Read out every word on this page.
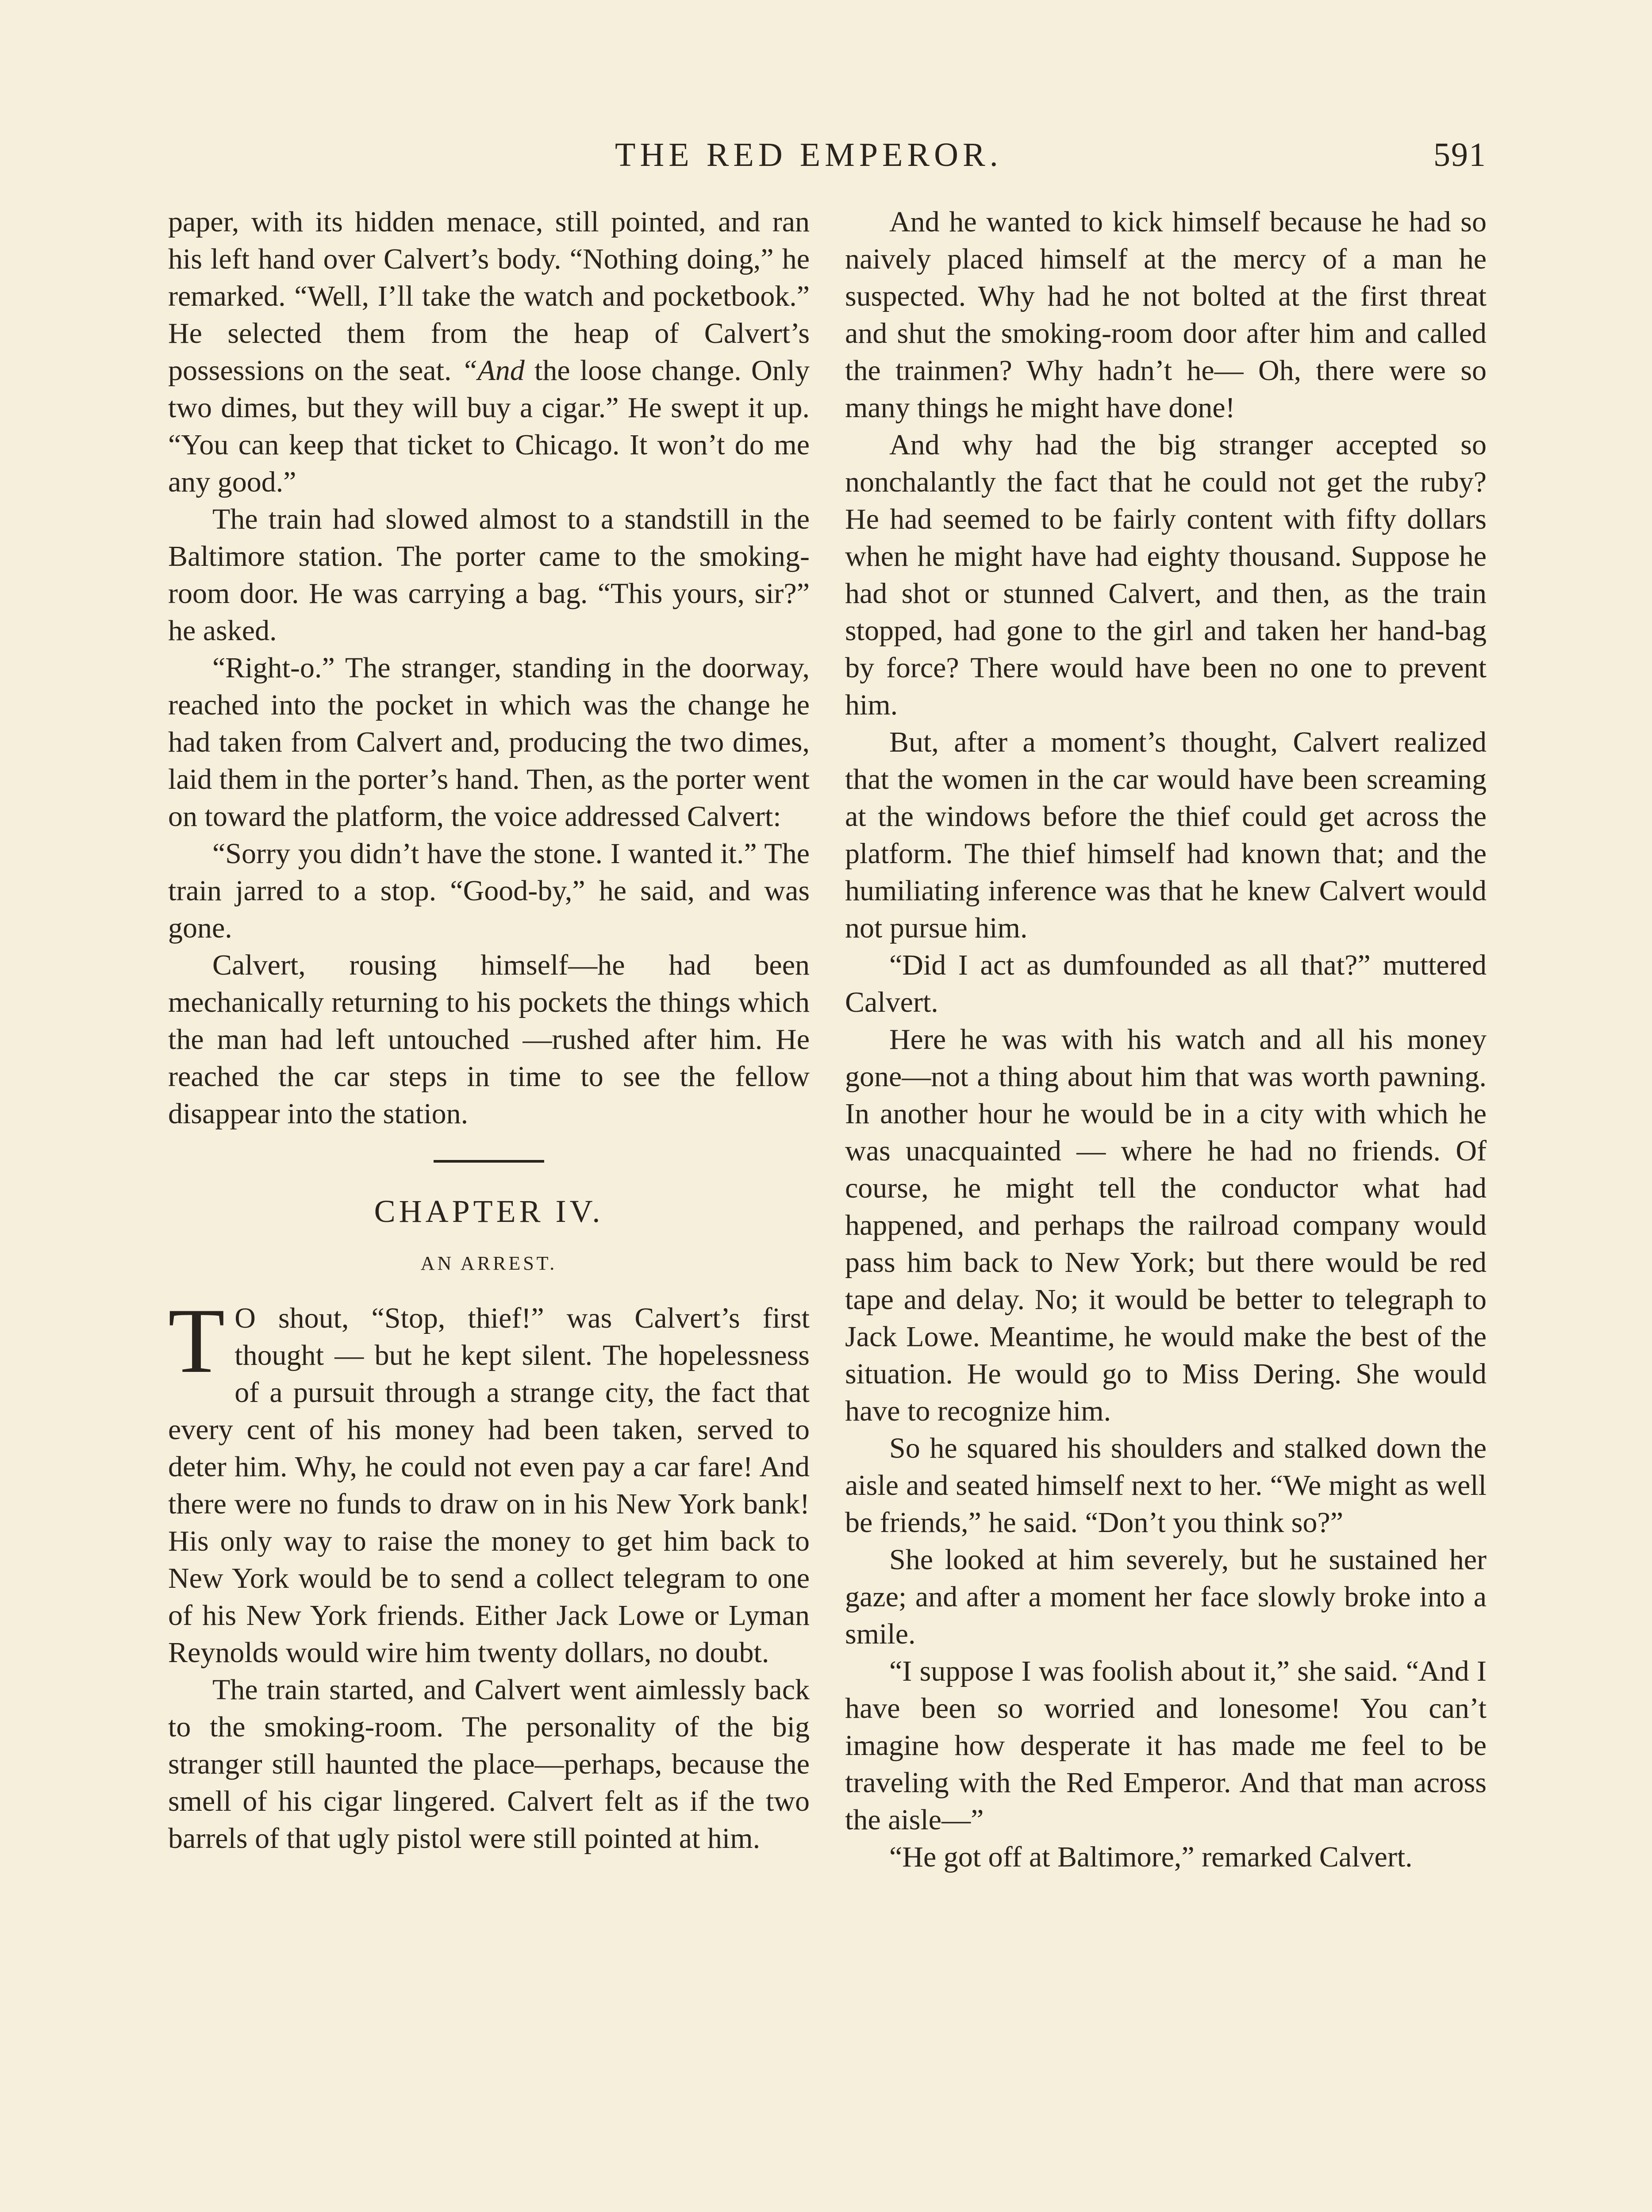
THE RED EMPEROR.	591

paper, with its hidden menace, still pointed, and ran his left hand over Calvert’s body. “Nothing doing,” he remarked. “Well, I’ll take the watch and pocketbook.” He selected them from the heap of Calvert’s possessions on the seat. “And the loose change. Only two dimes, but they will buy a cigar.” He swept it up. “You can keep that ticket to Chicago. It won’t do me any good.”

The train had slowed almost to a standstill in the Baltimore station. The porter came to the smoking-room door. He was carrying a bag. “This yours, sir?” he asked.

“Right-o.” The stranger, standing in the doorway, reached into the pocket in which was the change he had taken from Calvert and, producing the two dimes, laid them in the porter’s hand. Then, as the porter went on toward the platform, the voice addressed Calvert:

“Sorry you didn’t have the stone. I wanted it.” The train jarred to a stop. “Good-by,” he said, and was gone.

Calvert, rousing himself—he had been mechanically returning to his pockets the things which the man had left untouched —rushed after him. He reached the car steps in time to see the fellow disappear into the station.

CHAPTER IV.

AN ARREST.

T O shout, “Stop, thief!” was Calvert’s first thought — but he kept silent. The hopelessness of a pursuit through a strange city, the fact that every cent of his money had been taken, served to deter him. Why, he could not even pay a car fare! And there were no funds to draw on in his New York bank! His only way to raise the money to get him back to New York would be to send a collect telegram to one of his New York friends. Either Jack Lowe or Lyman Reynolds would wire him twenty dollars, no doubt.

The train started, and Calvert went aimlessly back to the smoking-room. The personality of the big stranger still haunted the place—perhaps, because the smell of his cigar lingered. Calvert felt as if the two barrels of that ugly pistol were still pointed at him.

And he wanted to kick himself because he had so naively placed himself at the mercy of a man he suspected. Why had he not bolted at the first threat and shut the smoking-room door after him and called the trainmen? Why hadn’t he— Oh, there were so many things he might have done!

And why had the big stranger accepted so nonchalantly the fact that he could not get the ruby? He had seemed to be fairly content with fifty dollars when he might have had eighty thousand. Suppose he had shot or stunned Calvert, and then, as the train stopped, had gone to the girl and taken her hand-bag by force? There would have been no one to prevent him.

But, after a moment’s thought, Calvert realized that the women in the car would have been screaming at the windows before the thief could get across the platform. The thief himself had known that; and the humiliating inference was that he knew Calvert would not pursue him.

“Did I act as dumfounded as all that?” muttered Calvert.

Here he was with his watch and all his money gone—not a thing about him that was worth pawning. In another hour he would be in a city with which he was unacquainted — where he had no friends. Of course, he might tell the conductor what had happened, and perhaps the railroad company would pass him back to New York; but there would be red tape and delay. No; it would be better to telegraph to Jack Lowe. Meantime, he would make the best of the situation. He would go to Miss Dering. She would have to recognize him.

So he squared his shoulders and stalked down the aisle and seated himself next to her. “We might as well be friends,” he said. “Don’t you think so?”

She looked at him severely, but he sustained her gaze; and after a moment her face slowly broke into a smile.

“I suppose I was foolish about it,” she said. “And I have been so worried and lonesome! You can’t imagine how desperate it has made me feel to be traveling with the Red Emperor. And that man across the aisle—”

“He got off at Baltimore,” remarked Calvert.
